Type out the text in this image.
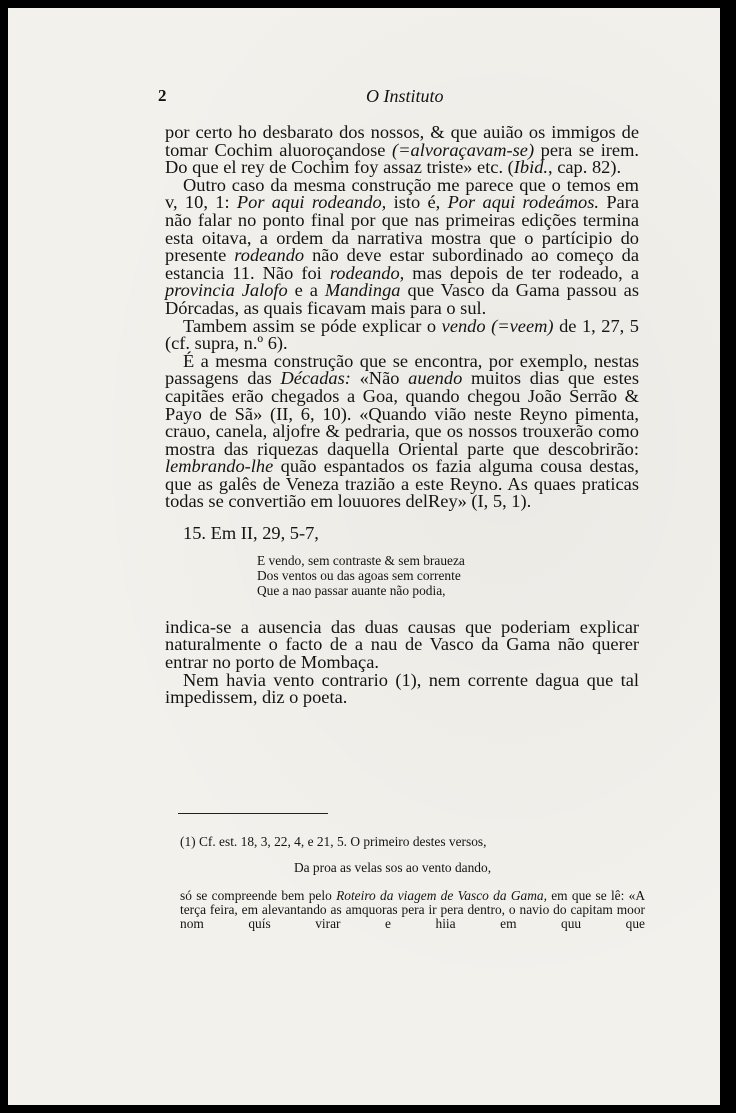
2	O Instituto

por certo ho desbarato dos nossos, & que auião os immigos de tomar Cochim aluoroçandose (=alvoraçavam-se) pera se irem. Do que el rey de Cochim foy assaz triste» etc. (Ibid., cap. 82).

Outro caso da mesma construção me parece que o temos em v, 10, 1: Por aqui rodeando, isto é, Por aqui rodeámos. Para não falar no ponto final por que nas primeiras edições termina esta oitava, a ordem da narrativa mostra que o partícipio do presente rodeando não deve estar subordinado ao começo da estancia 11. Não foi rodeando, mas depois de ter rodeado, a provincia Jalofo e a Mandinga que Vasco da Gama passou as Dórcadas, as quais ficavam mais para o sul.

Tambem assim se póde explicar o vendo (=veem) de 1, 27, 5 (cf. supra, n.º 6).

É a mesma construção que se encontra, por exemplo, nestas passagens das Décadas: «Não auendo muitos dias que estes capitães erão chegados a Goa, quando chegou João Serrão & Payo de Sã» (II, 6, 10). «Quando vião neste Reyno pimenta, crauo, canela, aljofre & pedraria, que os nossos trouxerão como mostra das riquezas daquella Oriental parte que descobrirão: lembrando-lhe quão espantados os fazia alguma cousa destas, que as galês de Veneza trazião a este Reyno. As quaes praticas todas se convertião em louuores delRey» (I, 5, 1).

15. Em II, 29, 5-7,

E vendo, sem contraste & sem braueza
Dos ventos ou das agoas sem corrente
Que a nao passar auante não podia,

indica-se a ausencia das duas causas que poderiam explicar naturalmente o facto de a nau de Vasco da Gama não querer entrar no porto de Mombaça.

Nem havia vento contrario (1), nem corrente dagua que tal impedissem, diz o poeta.

(1) Cf. est. 18, 3, 22, 4, e 21, 5. O primeiro destes versos,

Da proa as velas sos ao vento dando,

só se compreende bem pelo Roteiro da viagem de Vasco da Gama, em que se lê: «A terça feira, em alevantando as amquoras pera ir pera dentro, o navio do capitam moor nom quís virar e hiia em quu que
